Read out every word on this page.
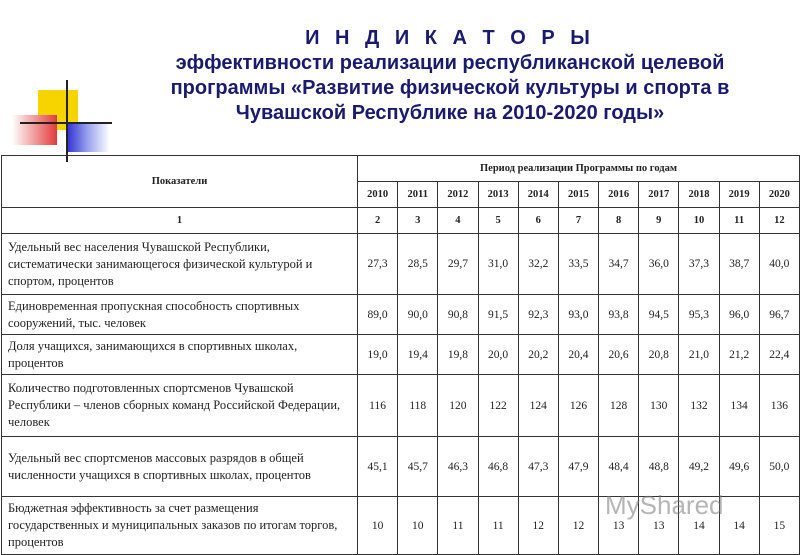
И Н Д И К А Т О Р Ы
эффективности реализации республиканской целевой
программы «Развитие физической культуры и спорта в
Чувашской Республике на 2010-2020 годы»
Показатели	Период реализации Программы по годам										
	2010	2011	2012	2013	2014	2015	2016	2017	2018	2019	2020
1	2	3	4	5	6	7	8	9	10	11	12
Удельный вес населения Чувашской Республики, систематически занимающегося физической культурой и спортом, процентов	27,3	28,5	29,7	31,0	32,2	33,5	34,7	36,0	37,3	38,7	40,0
Единовременная пропускная способность спортивных сооружений, тыс. человек	89,0	90,0	90,8	91,5	92,3	93,0	93,8	94,5	95,3	96,0	96,7
Доля учащихся, занимающихся в спортивных школах, процентов	19,0	19,4	19,8	20,0	20,2	20,4	20,6	20,8	21,0	21,2	22,4
Количество подготовленных спортсменов Чувашской Республики – членов сборных команд Российской Федерации, человек	116	118	120	122	124	126	128	130	132	134	136
Удельный вес спортсменов массовых разрядов в общей численности учащихся в спортивных школах, процентов	45,1	45,7	46,3	46,8	47,3	47,9	48,4	48,8	49,2	49,6	50,0
Бюджетная эффективность за счет размещения государственных и муниципальных заказов по итогам торгов, процентов	10	10	11	11	12	12	13	13	14	14	15
MyShared
